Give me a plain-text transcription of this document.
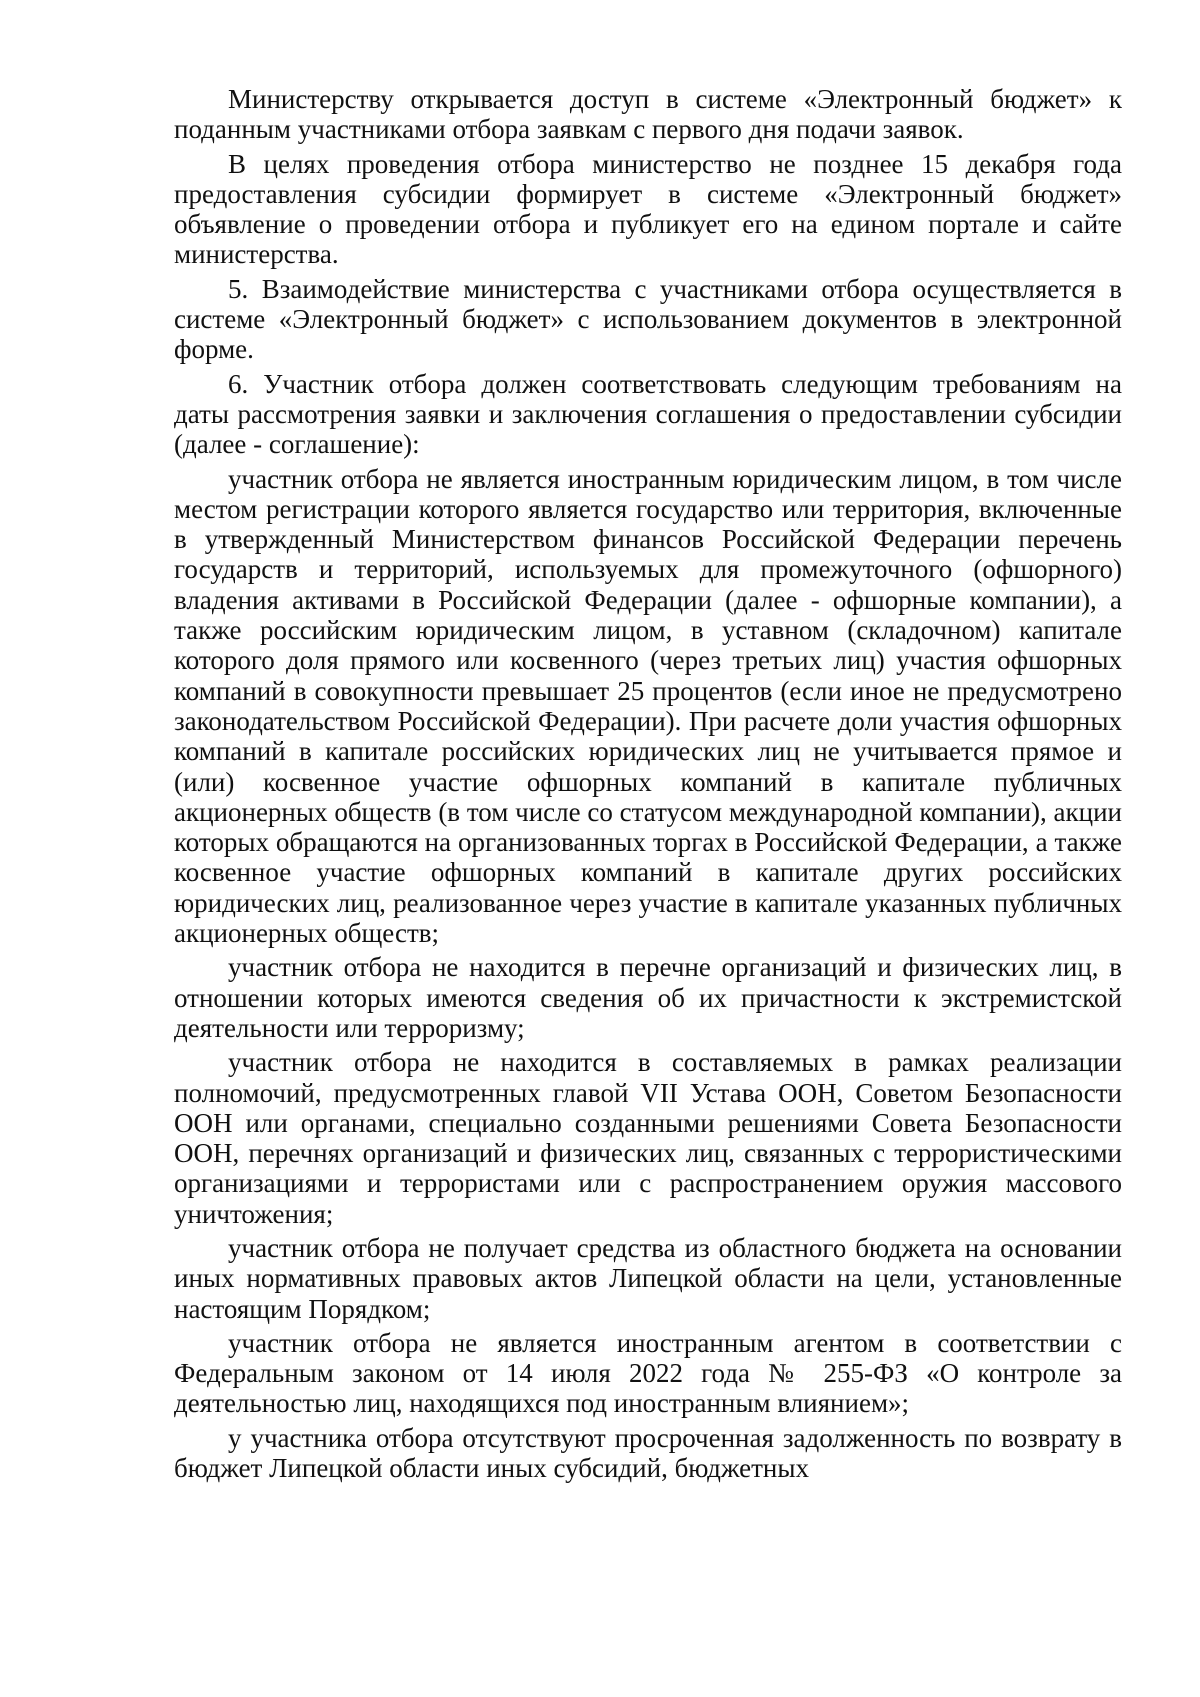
Министерству открывается доступ в системе «Электронный бюджет» к поданным участниками отбора заявкам с первого дня подачи заявок.

В целях проведения отбора министерство не позднее 15 декабря года предоставления субсидии формирует в системе «Электронный бюджет» объявление о проведении отбора и публикует его на едином портале и сайте министерства.

5. Взаимодействие министерства с участниками отбора осуществляется в системе «Электронный бюджет» с использованием документов в электронной форме.

6. Участник отбора должен соответствовать следующим требованиям на даты рассмотрения заявки и заключения соглашения о предоставлении субсидии (далее - соглашение):

участник отбора не является иностранным юридическим лицом, в том числе местом регистрации которого является государство или территория, включенные в утвержденный Министерством финансов Российской Федерации перечень государств и территорий, используемых для промежуточного (офшорного) владения активами в Российской Федерации (далее - офшорные компании), а также российским юридическим лицом, в уставном (складочном) капитале которого доля прямого или косвенного (через третьих лиц) участия офшорных компаний в совокупности превышает 25 процентов (если иное не предусмотрено законодательством Российской Федерации). При расчете доли участия офшорных компаний в капитале российских юридических лиц не учитывается прямое и (или) косвенное участие офшорных компаний в капитале публичных акционерных обществ (в том числе со статусом международной компании), акции которых обращаются на организованных торгах в Российской Федерации, а также косвенное участие офшорных компаний в капитале других российских юридических лиц, реализованное через участие в капитале указанных публичных акционерных обществ;

участник отбора не находится в перечне организаций и физических лиц, в отношении которых имеются сведения об их причастности к экстремистской деятельности или терроризму;

участник отбора не находится в составляемых в рамках реализации полномочий, предусмотренных главой VII Устава ООН, Советом Безопасности ООН или органами, специально созданными решениями Совета Безопасности ООН, перечнях организаций и физических лиц, связанных с террористическими организациями и террористами или с распространением оружия массового уничтожения;

участник отбора не получает средства из областного бюджета на основании иных нормативных правовых актов Липецкой области на цели, установленные настоящим Порядком;

участник отбора не является иностранным агентом в соответствии с Федеральным законом от 14 июля 2022 года № 255-ФЗ «О контроле за деятельностью лиц, находящихся под иностранным влиянием»;

у участника отбора отсутствуют просроченная задолженность по возврату в бюджет Липецкой области иных субсидий, бюджетных
